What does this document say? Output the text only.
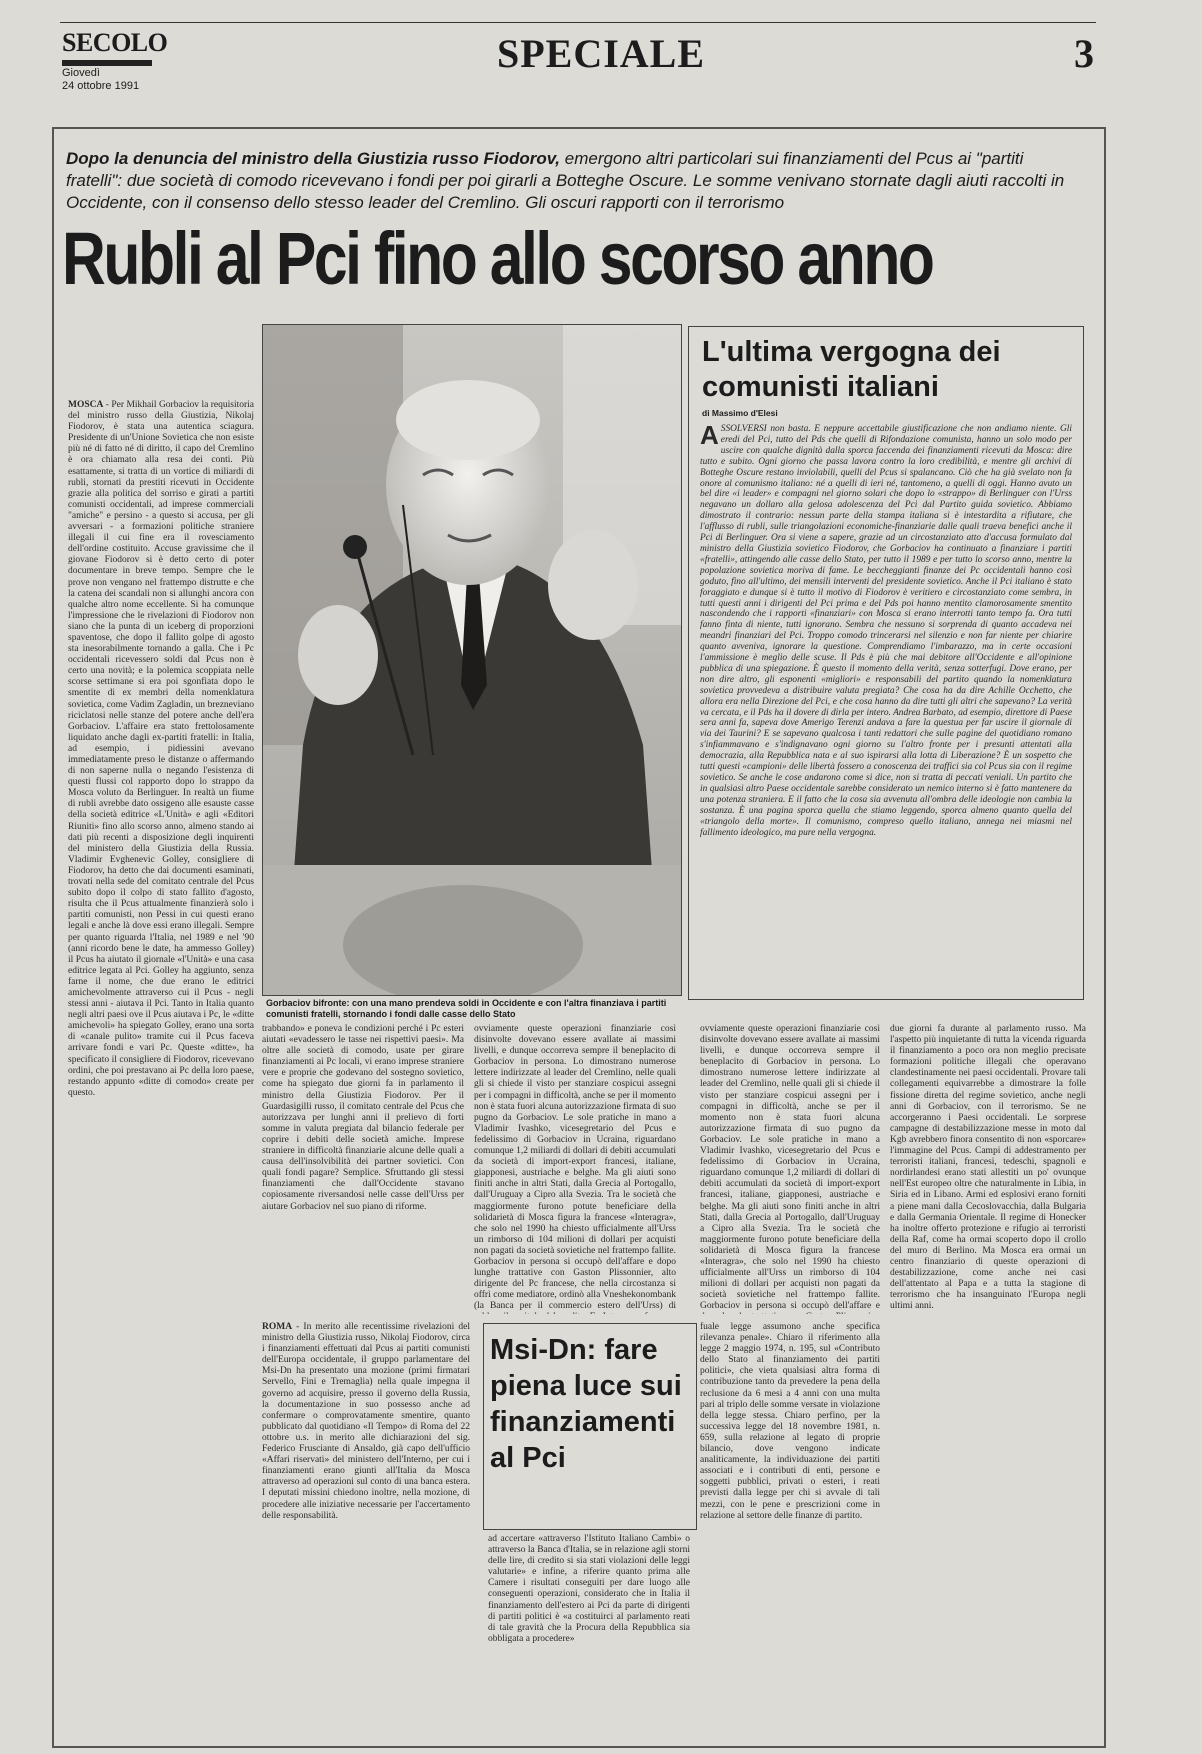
SECOLO
Giovedì
24 ottobre 1991
SPECIALE	3
Dopo la denuncia del ministro della Giustizia russo Fiodorov, emergono altri particolari sui finanziamenti del Pcus ai "partiti fratelli": due società di comodo ricevevano i fondi per poi girarli a Botteghe Oscure. Le somme venivano stornate dagli aiuti raccolti in Occidente, con il consenso dello stesso leader del Cremlino. Gli oscuri rapporti con il terrorismo
Rubli al Pci fino allo scorso anno
MOSCA - Per Mikhail Gorbaciov la requisitoria del ministro russo della Giustizia, Nikolaj Fiodorov, è stata una autentica sciagura. Presidente di un'Unione Sovietica che non esiste più né di fatto né di diritto, il capo del Cremlino è ora chiamato alla resa dei conti. Più esattamente, si tratta di un vortice di miliardi di rubli, stornati da prestiti ricevuti in Occidente grazie alla politica del sorriso e girati a partiti comunisti occidentali, ad imprese commerciali "amiche" e persino - a questo si accusa, per gli avversari - a formazioni politiche straniere illegali il cui fine era il rovesciamento dell'ordine costituito. Accuse gravissime che il giovane Fiodorov si è detto certo di poter documentare in breve tempo. Sempre che le prove non vengano nel frattempo distrutte e che la catena dei scandali non si allunghi ancora con qualche altro nome eccellente. Si ha comunque l'impressione che le rivelazioni di Fiodorov non siano che la punta di un iceberg di proporzioni spaventose, che dopo il fallito golpe di agosto sta inesorabilmente tornando a galla. Che i Pc occidentali ricevessero soldi dal Pcus non è certo una novità; e la polemica scoppiata nelle scorse settimane si era poi sgonfiata dopo le smentite di ex membri della nomenklatura sovietica, come Vadim Zagladin, un brezneviano riciclatosi nelle stanze del potere anche dell'era Gorbaciov. L'affaire era stato frettolosamente liquidato anche dagli ex-partiti fratelli: in Italia, ad esempio, i pidiessini avevano immediatamente preso le distanze o affermando di non saperne nulla o negando l'esistenza di questi flussi col rapporto dopo lo strappo da Mosca voluto da Berlinguer. In realtà un fiume di rubli avrebbe dato ossigeno alle esauste casse della società editrice «L'Unità» e agli «Editori Riuniti» fino allo scorso anno, almeno stando ai dati più recenti a disposizione degli inquirenti del ministero della Giustizia della Russia. Vladimir Evghenevic Golley, consigliere di Fiodorov, ha detto che dai documenti esaminati, trovati nella sede del comitato centrale del Pcus subito dopo il colpo di stato fallito d'agosto, risulta che il Pcus attualmente finanzierà solo i partiti comunisti, non Pessi in cui questi erano legali e anche là dove essi erano illegali. Sempre per quanto riguarda l'Italia, nel 1989 e nel '90 (anni ricordo bene le date, ha ammesso Golley) il Pcus ha aiutato il giornale «l'Unità» e una casa editrice legata al Pci. Golley ha aggiunto, senza farne il nome, che due erano le editrici amichevolmente attraverso cui il Pcus - negli stessi anni - aiutava il Pci. Tanto in Italia quanto negli altri paesi ove il Pcus aiutava i Pc, le «ditte amichevoli» ha spiegato Golley, erano una sorta di «canale pulito» tramite cui il Pcus faceva arrivare fondi e vari Pc. Queste «ditte», ha specificato il consigliere di Fiodorov, ricevevano ordini, che poi prestavano ai Pc della loro paese, restando appunto «ditte di comodo» create per questo.
Gorbaciov bifronte: con una mano prendeva soldi in Occidente e con l'altra finanziava i partiti comunisti fratelli, stornando i fondi dalle casse dello Stato
trabbando» e poneva le condizioni perché i Pc esteri aiutati «evadessero le tasse nei rispettivi paesi». Ma oltre alle società di comodo, usate per girare finanziamenti ai Pc locali, vi erano imprese straniere vere e proprie che godevano del sostegno sovietico, come ha spiegato due giorni fa in parlamento il ministro della Giustizia Fiodorov. Per il Guardasigilli russo, il comitato centrale del Pcus che autorizzava per lunghi anni il prelievo di forti somme in valuta pregiata dal bilancio federale per coprire i debiti delle società amiche. Imprese straniere in difficoltà finanziarie alcune delle quali a causa dell'insolvibilità dei partner sovietici. Con quali fondi pagare? Semplice. Sfruttando gli stessi finanziamenti che dall'Occidente stavano copiosamente riversandosi nelle casse dell'Urss per aiutare Gorbaciov nel suo piano di riforme.
ovviamente queste operazioni finanziarie così disinvolte dovevano essere avallate ai massimi livelli, e dunque occorreva sempre il beneplacito di Gorbaciov in persona. Lo dimostrano numerose lettere indirizzate al leader del Cremlino, nelle quali gli si chiede il visto per stanziare cospicui assegni per i compagni in difficoltà, anche se per il momento non è stata fuori alcuna autorizzazione firmata di suo pugno da Gorbaciov. Le sole pratiche in mano a Vladimir Ivashko, vicesegretario del Pcus e fedelissimo di Gorbaciov in Ucraina, riguardano comunque 1,2 miliardi di dollari di debiti accumulati da società di import-export francesi, italiane, giapponesi, austriache e belghe. Ma gli aiuti sono finiti anche in altri Stati, dalla Grecia al Portogallo, dall'Uruguay a Cipro alla Svezia. Tra le società che maggiormente furono potute beneficiare della solidarietà di Mosca figura la francese «Interagra», che solo nel 1990 ha chiesto ufficialmente all'Urss un rimborso di 104 milioni di dollari per acquisti non pagati da società sovietiche nel frattempo fallite. Gorbaciov in persona si occupò dell'affare e dopo lunghe trattative con Gaston Plissonnier, alto dirigente del Pc francese, che nella circostanza si offrì come mediatore, ordinò alla Vneshekonombank (la Banca per il commercio estero dell'Urss) di
L'ultima vergogna dei comunisti italiani
di Massimo d'Elesi
A SSOLVERSI non basta. È neppure accettabile giustificazione che non andiamo niente. Gli eredi del Pci, tutto del Pds che quelli di Rifondazione comunista, hanno un solo modo per uscire con qualche dignità dalla sporca faccenda dei finanziamenti ricevuti da Mosca: dire tutto e subito. Ogni giorno che passa lavora contro la loro credibilità, e mentre gli archivi di Botteghe Oscure restano inviolabili, quelli del Pcus si spalancano. Ciò che ha già svelato non fa onore al comunismo italiano: né a quelli di ieri né, tantomeno, a quelli di oggi. Hanno avuto un bel dire «i leader» e compagni nel giorno solari che dopo lo «strappo» di Berlinguer con l'Urss negavano un dollaro alla gelosa adolescenza del Pci dal Partito guida sovietico. Abbiamo dimostrato il contrario: nessun parte della stampa italiana si è intestardita a rifiutare, che l'afflusso di rubli, sulle triangolazioni economiche-finanziarie dalle quali traeva benefici anche il Pci di Berlinguer. Ora si viene a sapere, grazie ad un circostanziato atto d'accusa formulato dal ministro della Giustizia sovietico Fiodorov, che Gorbaciov ha continuato a finanziare i partiti «fratelli», attingendo alle casse dello Stato, per tutto il 1989 e per tutto lo scorso anno, mentre la popolazione sovietica moriva di fame. Le beccheggianti finanze dei Pc occidentali hanno così goduto, fino all'ultimo, dei mensili interventi del presidente sovietico. Anche il Pci italiano è stato foraggiato e dunque si è tutto il motivo di Fiodorov è veritiero e circostanziato come sembra, in tutti questi anni i dirigenti del Pci prima e del Pds poi hanno mentito clamorosamente smentito nascondendo che i rapporti «finanziari» con Mosca si erano interrotti tanto tempo fa. Ora tutti fanno finta di niente, tutti ignorano. Sembra che nessuno si sorprenda di quanto accadeva nei meandri finanziari del Pci. Troppo comodo trincerarsi nel silenzio e non far niente per chiarire quanto avveniva, ignorare la questione. Comprendiamo l'imbarazzo, ma in certe occasioni l'ammissione è meglio delle scuse. Il Pds è più che mai debitore all'Occidente e all'opinione pubblica di una spiegazione. È questo il momento della verità, senza sotterfugi. Dove erano, per non dire altro, gli esponenti «migliori» e responsabili del partito quando la nomenklatura sovietica provvedeva a distribuire valuta pregiata? Che cosa ha da dire Achille Occhetto, che allora era nella Direzione del Pci, e che cosa hanno da dire tutti gli altri che sapevano? La verità va cercata, e il Pds ha il dovere di dirla per intero. Andrea Barbato, ad esempio, direttore di Paese sera anni fa, sapeva dove Amerigo Terenzi andava a fare la questua per far uscire il giornale di via dei Taurini? E se sapevano qualcosa i tanti redattori che sulle pagine del quotidiano romano s'infiammavano e s'indignavano ogni giorno su l'altro fronte per i presunti attentati alla democrazia, alla Repubblica nata e al suo ispirarsi alla lotta di Liberazione? È un sospetto che tutti questi «campioni» delle libertà fossero a conoscenza dei traffici sia col Pcus sia con il regime sovietico. Se anche le cose andarono come si dice, non si tratta di peccati veniali. Un partito che in qualsiasi altro Paese occidentale sarebbe considerato un nemico interno si è fatto mantenere da una potenza straniera. E il fatto che la cosa sia avvenuta all'ombra delle ideologie non cambia la sostanza. È una pagina sporca quella che stiamo leggendo, sporca almeno quanto quella del «triangolo della morte». Il comunismo, compreso quello italiano, annega nei miasmi nel fallimento ideologico, ma pure nella vergogna.
ovviamente queste operazioni finanziarie così disinvolte dovevano essere avallate ai massimi livelli, e dunque occorreva sempre il beneplacito di Gorbaciov in persona. Lo dimostrano numerose lettere indirizzate al leader del Cremlino, nelle quali gli si chiede il visto per stanziare cospicui assegni per i compagni in difficoltà, anche se per il momento non è stata fuori alcuna autorizzazione firmata di suo pugno da Gorbaciov. Le sole pratiche in mano a Vladimir Ivashko, vicesegretario del Pcus e fedelissimo di Gorbaciov in Ucraina, riguardano comunque 1,2 miliardi di dollari di debiti accumulati da società di import-export francesi, italiane, giapponesi, austriache e belghe. Ma gli aiuti sono finiti anche in altri Stati, dalla Grecia al Portogallo, dall'Uruguay a Cipro alla Svezia. Tra le società che maggiormente furono potute beneficiare della solidarietà di Mosca figura la francese «Interagra», che solo nel 1990 ha chiesto ufficialmente all'Urss un rimborso di 104 milioni di dollari per acquisti non pagati da società sovietiche nel frattempo fallite. Gorbaciov in persona si occupò dell'affare e
due giorni fa durante al parlamento russo. Ma l'aspetto più inquietante di tutta la vicenda riguarda il finanziamento a poco ora non meglio precisate formazioni politiche illegali che operavano clandestinamente nei paesi occidentali. Provare tali collegamenti equivarrebbe a dimostrare la folle fissione diretta del regime sovietico, anche negli anni di Gorbaciov, con il terrorismo. Se ne accorgeranno i Paesi occidentali. Le sorprese campagne di destabilizzazione messe in moto dal Kgb avrebbero finora consentito di non «sporcare» l'immagine del Pcus. Campi di addestramento per terroristi italiani, francesi, tedeschi, spagnoli e nordirlandesi erano stati allestiti un po' ovunque nell'Est europeo oltre che naturalmente in Libia, in Siria ed in Libano. Armi ed esplosivi erano forniti a piene mani dalla Cecoslovacchia, dalla Bulgaria e dalla Germania Orientale. Il regime di Honecker ha inoltre offerto protezione e rifugio ai terroristi della Raf, come ha ormai scoperto dopo il crollo del muro di Berlino. Ma Mosca era ormai un centro finanziario di queste operazioni di destabilizzazione, come anche nei casi dell'attentato al Papa e a tutta la stagione di terrorismo che ha insanguinato l'Europa negli ultimi anni.
ROMA - In merito alle recentissime rivelazioni del ministro della Giustizia russo, Nikolaj Fiodorov, circa i finanziamenti effettuati dal Pcus ai partiti comunisti dell'Europa occidentale, il gruppo parlamentare del Msi-Dn ha presentato una mozione (primi firmatari Servello, Fini e Tremaglia) nella quale impegna il governo ad acquisire, presso il governo della Russia, la documentazione in suo possesso anche ad confermare o comprovatamente smentire, quanto pubblicato dal quotidiano «Il Tempo» di Roma del 22 ottobre u.s. in merito alle dichiarazioni del sig. Federico Frusciante di Ansaldo, già capo dell'ufficio «Affari riservati» del ministero dell'Interno, per cui i finanziamenti erano giunti all'Italia da Mosca attraverso ad operazioni sul conto di una banca estera. I deputati missini chiedono inoltre, nella mozione, di procedere alle iniziative necessarie per l'accertamento delle responsabilità.
Msi-Dn: fare piena luce sui finanziamenti al Pci
ad accertare «attraverso l'Istituto Italiano Cambi» o attraverso la Banca d'Italia, se in relazione agli storni delle lire, di credito si sia stati violazioni delle leggi valutarie» e infine, a riferire quanto prima alle Camere i risultati conseguiti per dare luogo alle conseguenti operazioni, considerato che in Italia il finanziamento dell'estero ai Pci da parte di dirigenti di partiti politici è «a costituirci al parlamento reati di tale gravità che la Procura della Repubblica sia obbligata a procedere»
fuale legge assumono anche specifica rilevanza penale». Chiaro il riferimento alla legge 2 maggio 1974, n. 195, sul «Contributo dello Stato al finanziamento dei partiti politici», che vieta qualsiasi altra forma di contribuzione tanto da prevedere la pena della reclusione da 6 mesi a 4 anni con una multa pari al triplo delle somme versate in violazione della legge stessa. Chiaro perfino, per la successiva legge del 18 novembre 1981, n. 659, sulla relazione al legato di proprie bilancio, dove vengono indicate analiticamente, la individuazione dei partiti associati e i contributi di enti, persone e soggetti pubblici, privati o esteri, i reati previsti dalla legge per chi si avvale di tali mezzi, con le pene e prescrizioni come in relazione al settore delle finanze di partito.
